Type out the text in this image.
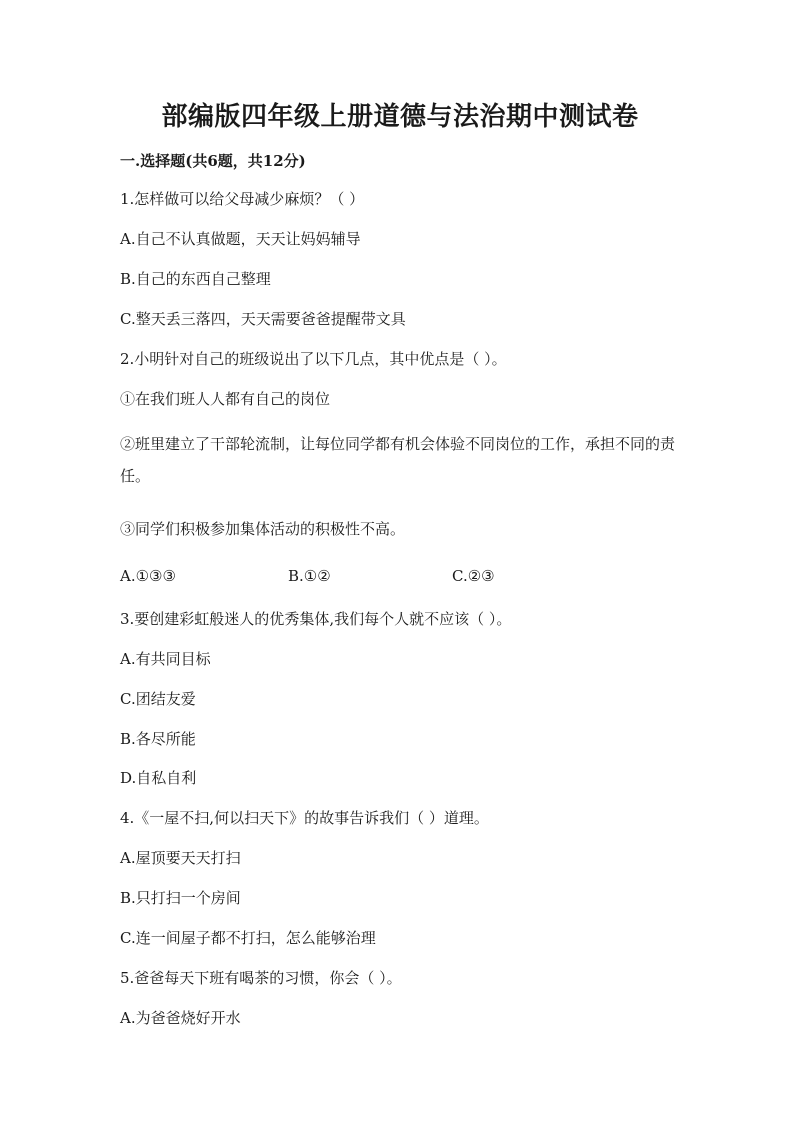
部编版四年级上册道德与法治期中测试卷
一.选择题(共6题，共12分)
1.怎样做可以给父母减少麻烦？（ ）
A.自己不认真做题，天天让妈妈辅导
B.自己的东西自己整理
C.整天丢三落四，天天需要爸爸提醒带文具
2.小明针对自己的班级说出了以下几点，其中优点是（ ）。
①在我们班人人都有自己的岗位
②班里建立了干部轮流制，让每位同学都有机会体验不同岗位的工作，承担不同的责任。
③同学们积极参加集体活动的积极性不高。
A.①③③	B.①②	C.②③
3.要创建彩虹般迷人的优秀集体,我们每个人就不应该（ ）。
A.有共同目标
C.团结友爱
B.各尽所能
D.自私自利
4.《一屋不扫,何以扫天下》的故事告诉我们（ ）道理。
A.屋顶要天天打扫
B.只打扫一个房间
C.连一间屋子都不打扫，怎么能够治理
5.爸爸每天下班有喝茶的习惯，你会（ ）。
A.为爸爸烧好开水
